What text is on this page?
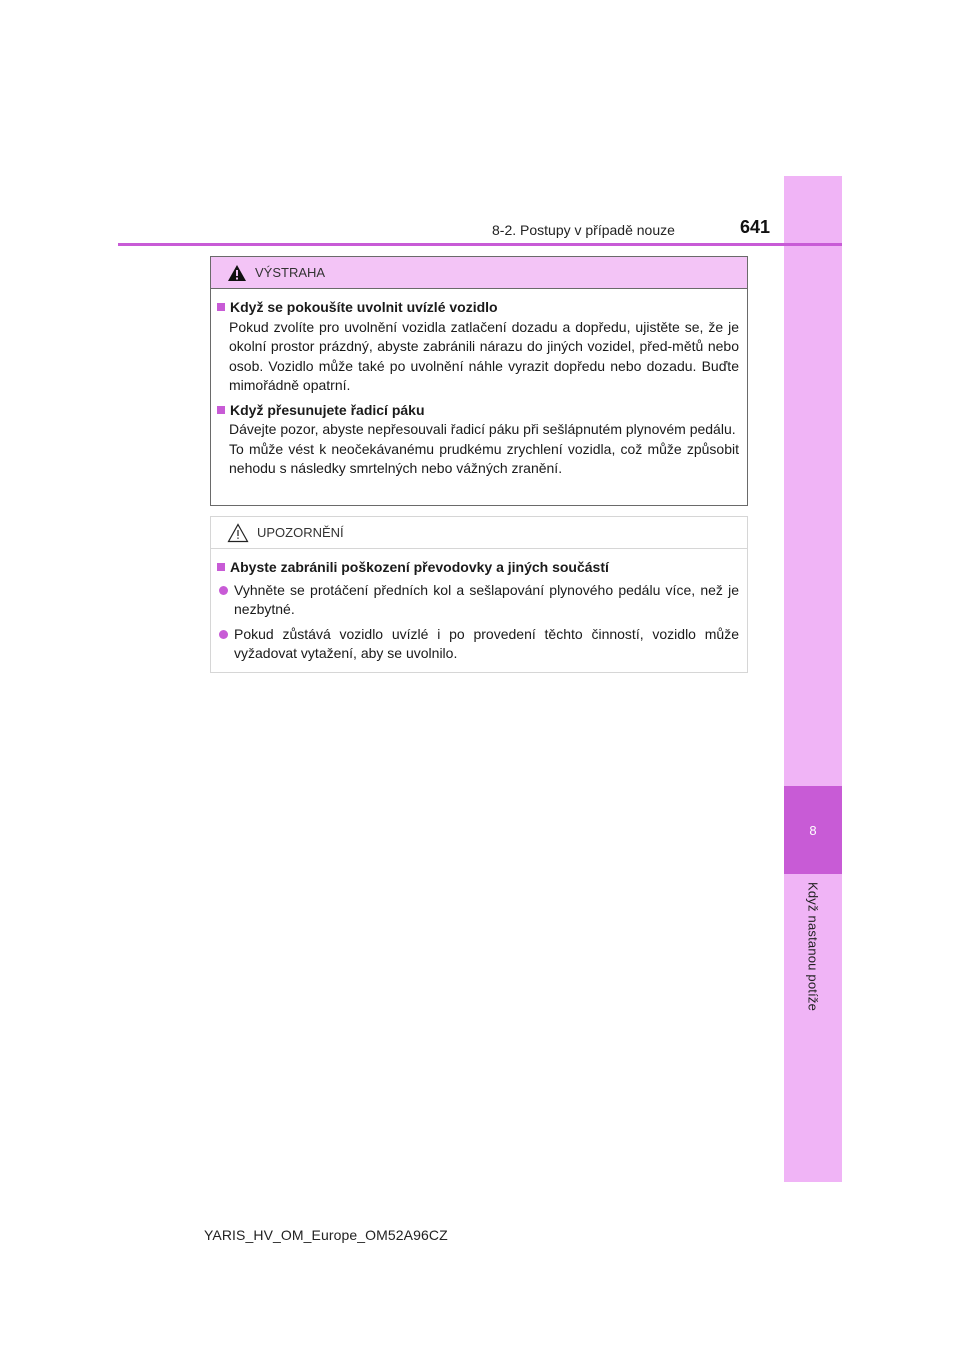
8
Když nastanou potíže
8-2. Postupy v případě nouze	641
VÝSTRAHA
Když se pokoušíte uvolnit uvízlé vozidlo
Pokud zvolíte pro uvolnění vozidla zatlačení dozadu a dopředu, ujistěte se, že je okolní prostor prázdný, abyste zabránili nárazu do jiných vozidel, před-mětů nebo osob. Vozidlo může také po uvolnění náhle vyrazit dopředu nebo dozadu. Buďte mimořádně opatrní.
Když přesunujete řadicí páku
Dávejte pozor, abyste nepřesouvali řadicí páku při sešlápnutém plynovém pedálu.
To může vést k neočekávanému prudkému zrychlení vozidla, což může způsobit nehodu s následky smrtelných nebo vážných zranění.
UPOZORNĚNÍ
Abyste zabránili poškození převodovky a jiných součástí
Vyhněte se protáčení předních kol a sešlapování plynového pedálu více, než je nezbytné.
Pokud zůstává vozidlo uvízlé i po provedení těchto činností, vozidlo může vyžadovat vytažení, aby se uvolnilo.
YARIS_HV_OM_Europe_OM52A96CZ
